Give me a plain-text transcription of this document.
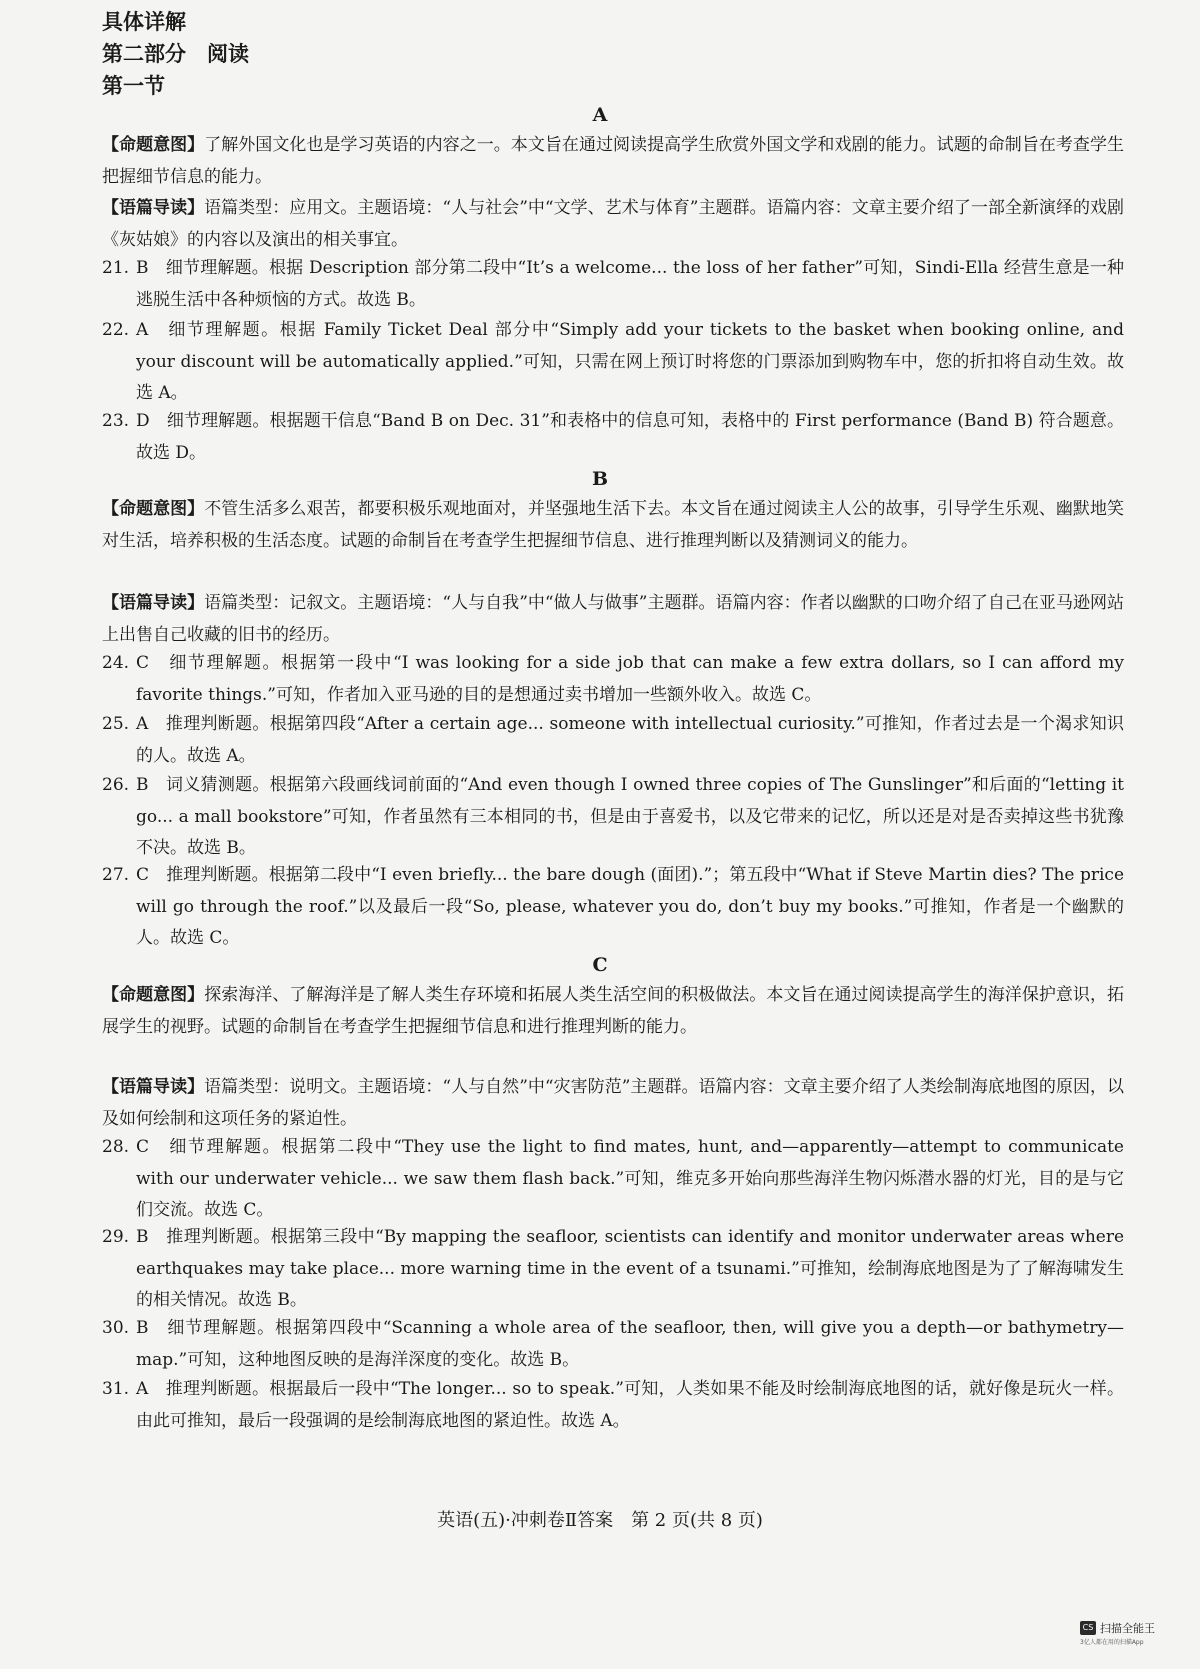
具体详解
第二部分　阅读
第一节
A
【命题意图】了解外国文化也是学习英语的内容之一。本文旨在通过阅读提高学生欣赏外国文学和戏剧的能力。试题的命制旨在考查学生把握细节信息的能力。
【语篇导读】语篇类型：应用文。主题语境：“人与社会”中“文学、艺术与体育”主题群。语篇内容：文章主要介绍了一部全新演绎的戏剧《灰姑娘》的内容以及演出的相关事宜。
21. B　 细节理解题。根据 Description 部分第二段中“It’s a welcome... the loss of her father”可知，Sindi-Ella 经营生意是一种逃脱生活中各种烦恼的方式。故选 B。
22. A　 细节理解题。根据 Family Ticket Deal 部分中“Simply add your tickets to the basket when booking online, and your discount will be automatically applied.”可知，只需在网上预订时将您的门票添加到购物车中，您的折扣将自动生效。故选 A。
23. D　 细节理解题。根据题干信息“Band B on Dec. 31”和表格中的信息可知，表格中的 First performance (Band B) 符合题意。故选 D。
B
【命题意图】不管生活多么艰苦，都要积极乐观地面对，并坚强地生活下去。本文旨在通过阅读主人公的故事，引导学生乐观、幽默地笑对生活，培养积极的生活态度。试题的命制旨在考查学生把握细节信息、进行推理判断以及猜测词义的能力。
【语篇导读】语篇类型：记叙文。主题语境：“人与自我”中“做人与做事”主题群。语篇内容：作者以幽默的口吻介绍了自己在亚马逊网站上出售自己收藏的旧书的经历。
24. C　 细节理解题。根据第一段中“I was looking for a side job that can make a few extra dollars, so I can afford my favorite things.”可知，作者加入亚马逊的目的是想通过卖书增加一些额外收入。故选 C。
25. A　 推理判断题。根据第四段“After a certain age... someone with intellectual curiosity.”可推知，作者过去是一个渴求知识的人。故选 A。
26. B　 词义猜测题。根据第六段画线词前面的“And even though I owned three copies of The Gunslinger”和后面的“letting it go... a mall bookstore”可知，作者虽然有三本相同的书，但是由于喜爱书，以及它带来的记忆，所以还是对是否卖掉这些书犹豫不决。故选 B。
27. C　 推理判断题。根据第二段中“I even briefly... the bare dough (面团).”；第五段中“What if Steve Martin dies? The price will go through the roof.”以及最后一段“So, please, whatever you do, don’t buy my books.”可推知，作者是一个幽默的人。故选 C。
C
【命题意图】探索海洋、了解海洋是了解人类生存环境和拓展人类生活空间的积极做法。本文旨在通过阅读提高学生的海洋保护意识，拓展学生的视野。试题的命制旨在考查学生把握细节信息和进行推理判断的能力。
【语篇导读】语篇类型：说明文。主题语境：“人与自然”中“灾害防范”主题群。语篇内容：文章主要介绍了人类绘制海底地图的原因，以及如何绘制和这项任务的紧迫性。
28. C　 细节理解题。根据第二段中“They use the light to find mates, hunt, and—apparently—attempt to communicate with our underwater vehicle... we saw them flash back.”可知，维克多开始向那些海洋生物闪烁潜水器的灯光，目的是与它们交流。故选 C。
29. B　 推理判断题。根据第三段中“By mapping the seafloor, scientists can identify and monitor underwater areas where earthquakes may take place... more warning time in the event of a tsunami.”可推知，绘制海底地图是为了了解海啸发生的相关情况。故选 B。
30. B　 细节理解题。根据第四段中“Scanning a whole area of the seafloor, then, will give you a depth—or bathymetry—map.”可知，这种地图反映的是海洋深度的变化。故选 B。
31. A　 推理判断题。根据最后一段中“The longer... so to speak.”可知，人类如果不能及时绘制海底地图的话，就好像是玩火一样。由此可推知，最后一段强调的是绘制海底地图的紧迫性。故选 A。
英语(五)·冲刺卷Ⅱ答案　第 2 页(共 8 页)
CS 扫描全能王
3亿人都在用的扫描App
